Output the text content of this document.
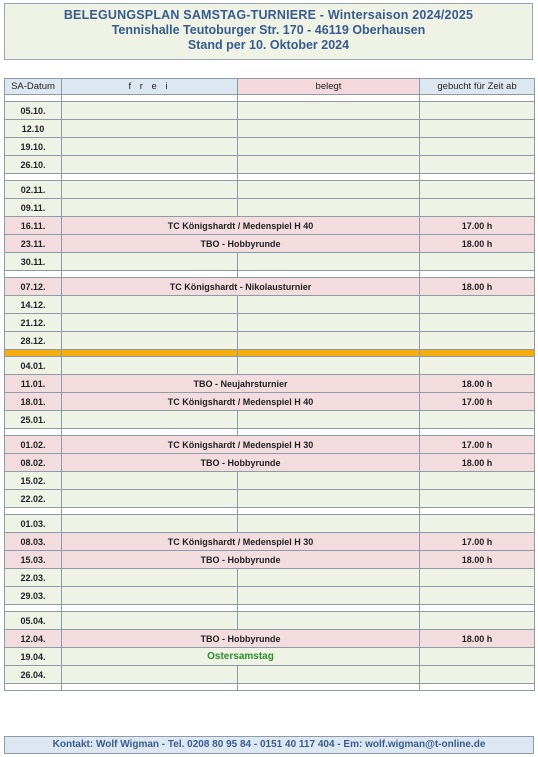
BELEGUNGSPLAN SAMSTAG-TURNIERE - Wintersaison 2024/2025
Tennishalle Teutoburger Str. 170 - 46119 Oberhausen
Stand per 10. Oktober 2024
SA-Datum	f r e i	belegt	gebucht für Zeit ab

05.10.			
12.10			
19.10.			
26.10.			

02.11.			
09.11.			
16.11.	TC Königshardt / Medenspiel H 40		17.00 h
23.11.	TBO - Hobbyrunde		18.00 h
30.11.			

07.12.	TC Königshardt - Nikolausturnier		18.00 h
14.12.			
21.12.			
28.12.			

04.01.			
11.01.	TBO - Neujahrsturnier		18.00 h
18.01.	TC Königshardt / Medenspiel H 40		17.00 h
25.01.			

01.02.	TC Königshardt / Medenspiel H 30		17.00 h
08.02.	TBO - Hobbyrunde		18.00 h
15.02.			
22.02.			

01.03.			
08.03.	TC Königshardt / Medenspiel H 30		17.00 h
15.03.	TBO - Hobbyrunde		18.00 h
22.03.			
29.03.			

05.04.			
12.04.	TBO - Hobbyrunde		18.00 h
19.04.	Ostersamstag		
26.04.			

Kontakt: Wolf Wigman - Tel. 0208 80 95 84 - 0151 40 117 404 - Em: wolf.wigman@t-online.de
